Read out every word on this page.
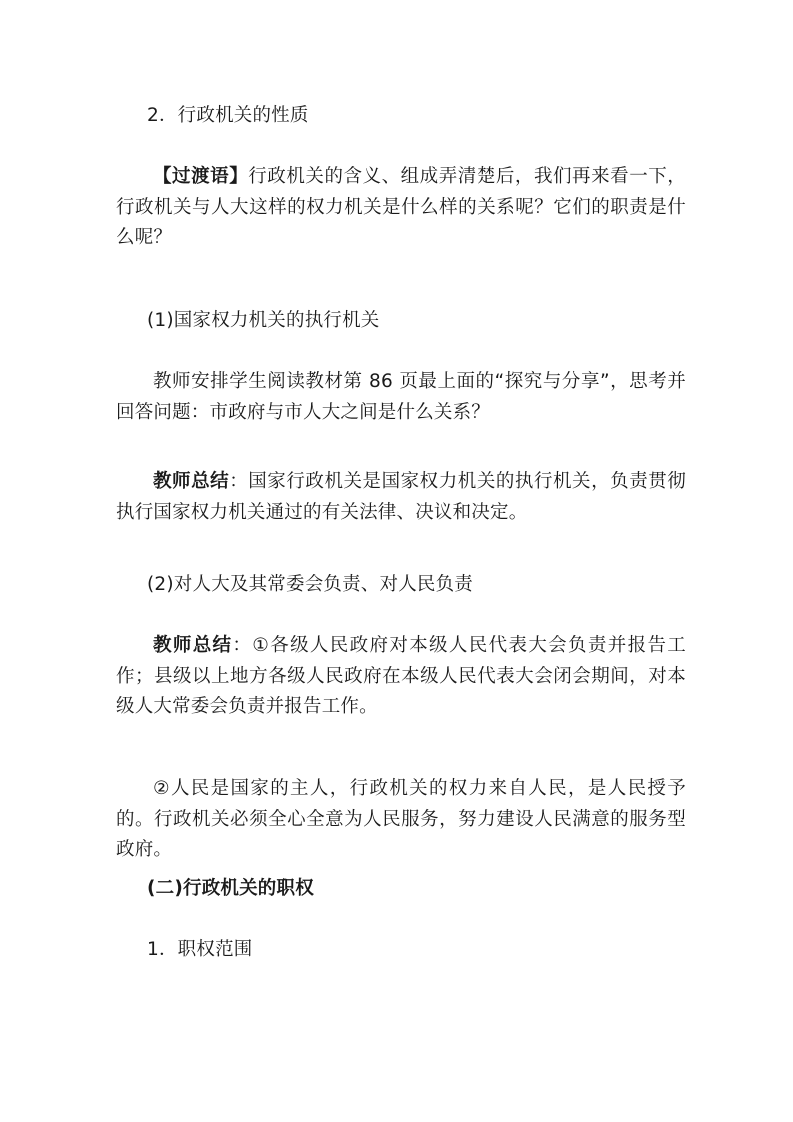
2．行政机关的性质

【过渡语】行政机关的含义、组成弄清楚后，我们再来看一下，行政机关与人大这样的权力机关是什么样的关系呢？它们的职责是什么呢？

(1)国家权力机关的执行机关

教师安排学生阅读教材第 86 页最上面的“探究与分享”，思考并回答问题：市政府与市人大之间是什么关系？

教师总结：国家行政机关是国家权力机关的执行机关，负责贯彻执行国家权力机关通过的有关法律、决议和决定。

(2)对人大及其常委会负责、对人民负责

教师总结：①各级人民政府对本级人民代表大会负责并报告工作；县级以上地方各级人民政府在本级人民代表大会闭会期间，对本级人大常委会负责并报告工作。

②人民是国家的主人，行政机关的权力来自人民，是人民授予的。行政机关必须全心全意为人民服务，努力建设人民满意的服务型政府。

(二)行政机关的职权

1．职权范围
